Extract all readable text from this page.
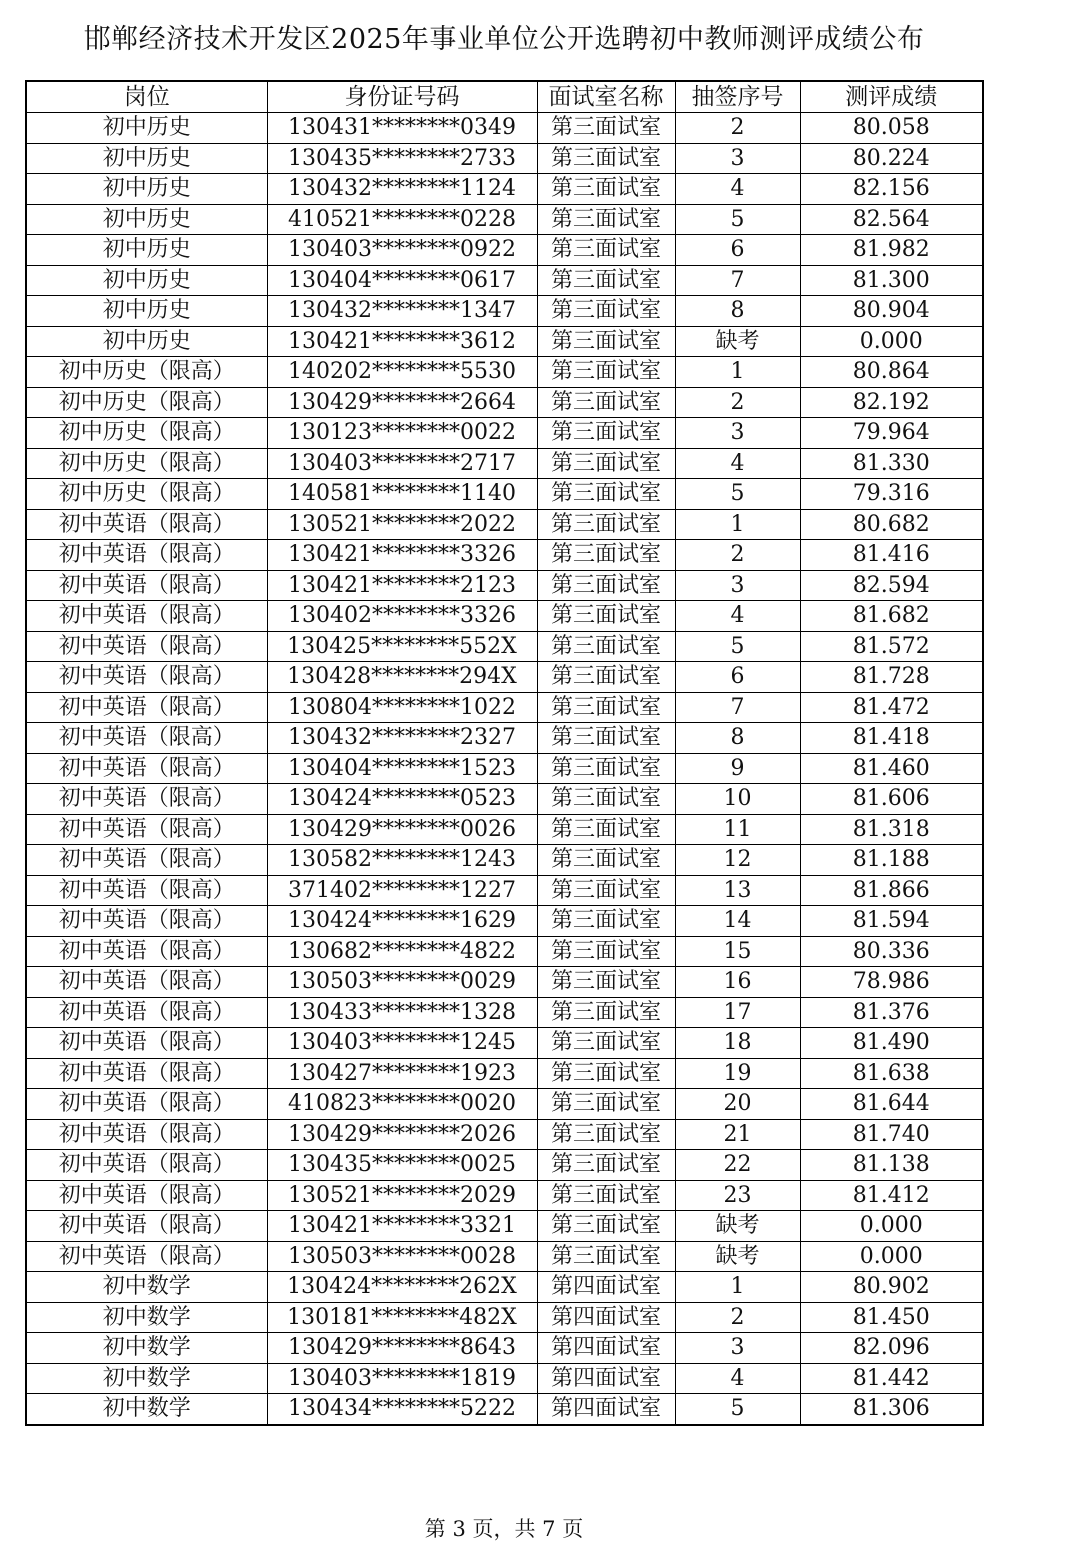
邯郸经济技术开发区2025年事业单位公开选聘初中教师测评成绩公布
岗位	身份证号码	面试室名称	抽签序号	测评成绩
初中历史	130431********0349	第三面试室	2	80.058
初中历史	130435********2733	第三面试室	3	80.224
初中历史	130432********1124	第三面试室	4	82.156
初中历史	410521********0228	第三面试室	5	82.564
初中历史	130403********0922	第三面试室	6	81.982
初中历史	130404********0617	第三面试室	7	81.300
初中历史	130432********1347	第三面试室	8	80.904
初中历史	130421********3612	第三面试室	缺考	0.000
初中历史（限高）	140202********5530	第三面试室	1	80.864
初中历史（限高）	130429********2664	第三面试室	2	82.192
初中历史（限高）	130123********0022	第三面试室	3	79.964
初中历史（限高）	130403********2717	第三面试室	4	81.330
初中历史（限高）	140581********1140	第三面试室	5	79.316
初中英语（限高）	130521********2022	第三面试室	1	80.682
初中英语（限高）	130421********3326	第三面试室	2	81.416
初中英语（限高）	130421********2123	第三面试室	3	82.594
初中英语（限高）	130402********3326	第三面试室	4	81.682
初中英语（限高）	130425********552X	第三面试室	5	81.572
初中英语（限高）	130428********294X	第三面试室	6	81.728
初中英语（限高）	130804********1022	第三面试室	7	81.472
初中英语（限高）	130432********2327	第三面试室	8	81.418
初中英语（限高）	130404********1523	第三面试室	9	81.460
初中英语（限高）	130424********0523	第三面试室	10	81.606
初中英语（限高）	130429********0026	第三面试室	11	81.318
初中英语（限高）	130582********1243	第三面试室	12	81.188
初中英语（限高）	371402********1227	第三面试室	13	81.866
初中英语（限高）	130424********1629	第三面试室	14	81.594
初中英语（限高）	130682********4822	第三面试室	15	80.336
初中英语（限高）	130503********0029	第三面试室	16	78.986
初中英语（限高）	130433********1328	第三面试室	17	81.376
初中英语（限高）	130403********1245	第三面试室	18	81.490
初中英语（限高）	130427********1923	第三面试室	19	81.638
初中英语（限高）	410823********0020	第三面试室	20	81.644
初中英语（限高）	130429********2026	第三面试室	21	81.740
初中英语（限高）	130435********0025	第三面试室	22	81.138
初中英语（限高）	130521********2029	第三面试室	23	81.412
初中英语（限高）	130421********3321	第三面试室	缺考	0.000
初中英语（限高）	130503********0028	第三面试室	缺考	0.000
初中数学	130424********262X	第四面试室	1	80.902
初中数学	130181********482X	第四面试室	2	81.450
初中数学	130429********8643	第四面试室	3	82.096
初中数学	130403********1819	第四面试室	4	81.442
初中数学	130434********5222	第四面试室	5	81.306
第 3 页，共 7 页
